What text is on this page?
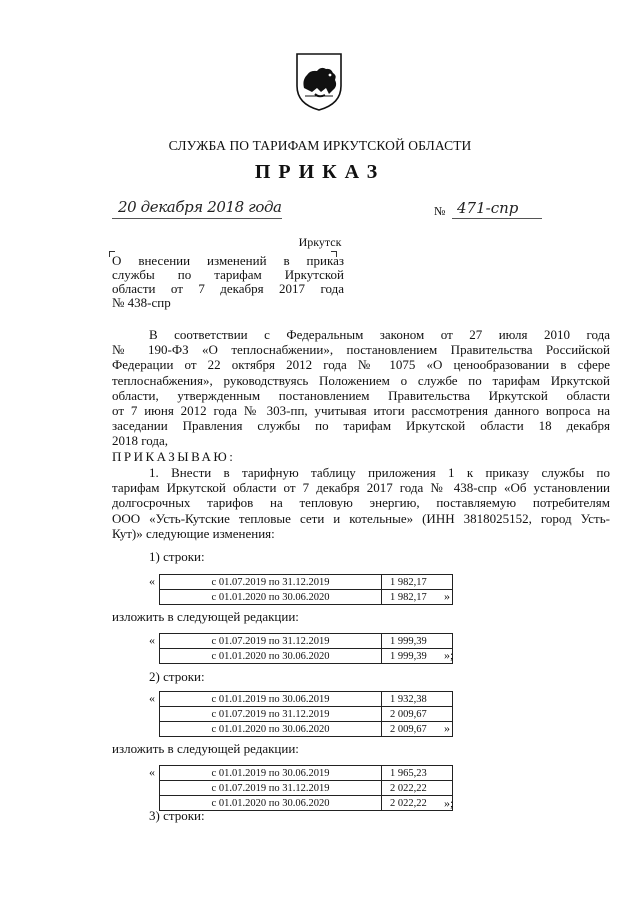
СЛУЖБА ПО ТАРИФАМ ИРКУТСКОЙ ОБЛАСТИ
ПРИКАЗ
20 декабря 2018 года	№ 471-спр
Иркутск
О внесении изменений в приказ
службы по тарифам Иркутской
области от 7 декабря 2017 года
№ 438-спр
В соответствии с Федеральным законом от 27 июля 2010 года
№ 190-ФЗ «О теплоснабжении», постановлением Правительства Российской
Федерации от 22 октября 2012 года № 1075 «О ценообразовании в сфере
теплоснабжения», руководствуясь Положением о службе по тарифам Иркутской
области, утвержденным постановлением Правительства Иркутской области
от 7 июня 2012 года № 303-пп, учитывая итоги рассмотрения данного вопроса на
заседании Правления службы по тарифам Иркутской области 18 декабря
2018 года,
ПРИКАЗЫВАЮ:
1. Внести в тарифную таблицу приложения 1 к приказу службы по
тарифам Иркутской области от 7 декабря 2017 года № 438-спр «Об установлении
долгосрочных тарифов на тепловую энергию, поставляемую потребителям
ООО «Усть-Кутские тепловые сети и котельные» (ИНН 3818025152, город Усть-
Кут)» следующие изменения:
1) строки:
«	с 01.07.2019 по 31.12.2019	1 982,17
с 01.01.2020 по 30.06.2020	1 982,17 »
изложить в следующей редакции:
«	с 01.07.2019 по 31.12.2019	1 999,39
с 01.01.2020 по 30.06.2020	1 999,39 »;
2) строки:
«	с 01.01.2019 по 30.06.2019	1 932,38
с 01.07.2019 по 31.12.2019	2 009,67
с 01.01.2020 по 30.06.2020	2 009,67 »
изложить в следующей редакции:
«	с 01.01.2019 по 30.06.2019	1 965,23
с 01.07.2019 по 31.12.2019	2 022,22
с 01.01.2020 по 30.06.2020	2 022,22 »;
3) строки:
